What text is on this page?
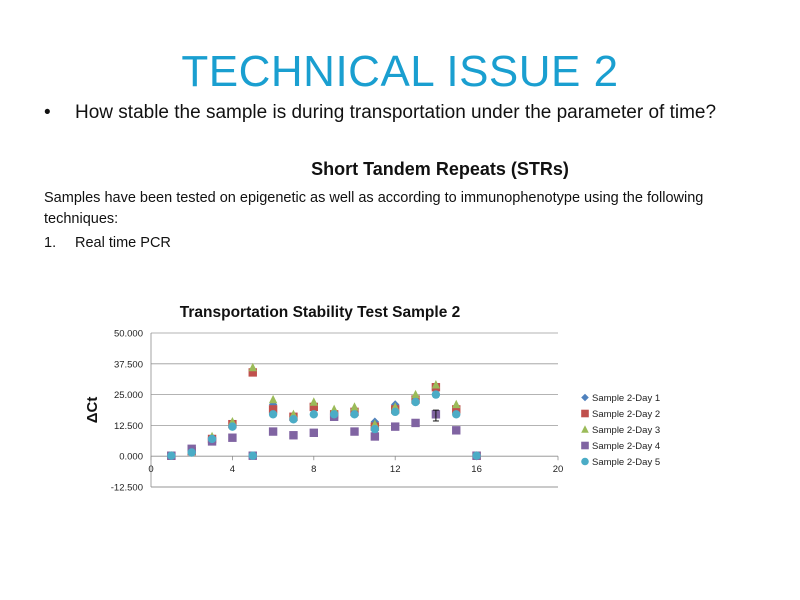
TECHNICAL ISSUE 2
• How stable the sample is during transportation under the parameter of time?
Short Tandem Repeats (STRs)
Samples have been tested on epigenetic as well as according to immunophenotype using the following techniques:
1. Real time PCR
Transportation Stability Test Sample 2
ΔCt
-12.500
0.000
12.500
25.000
37.500
50.000
0	4	8	12	16	20
Sample 2-Day 1
Sample 2-Day 2
Sample 2-Day 3
Sample 2-Day 4
Sample 2-Day 5
